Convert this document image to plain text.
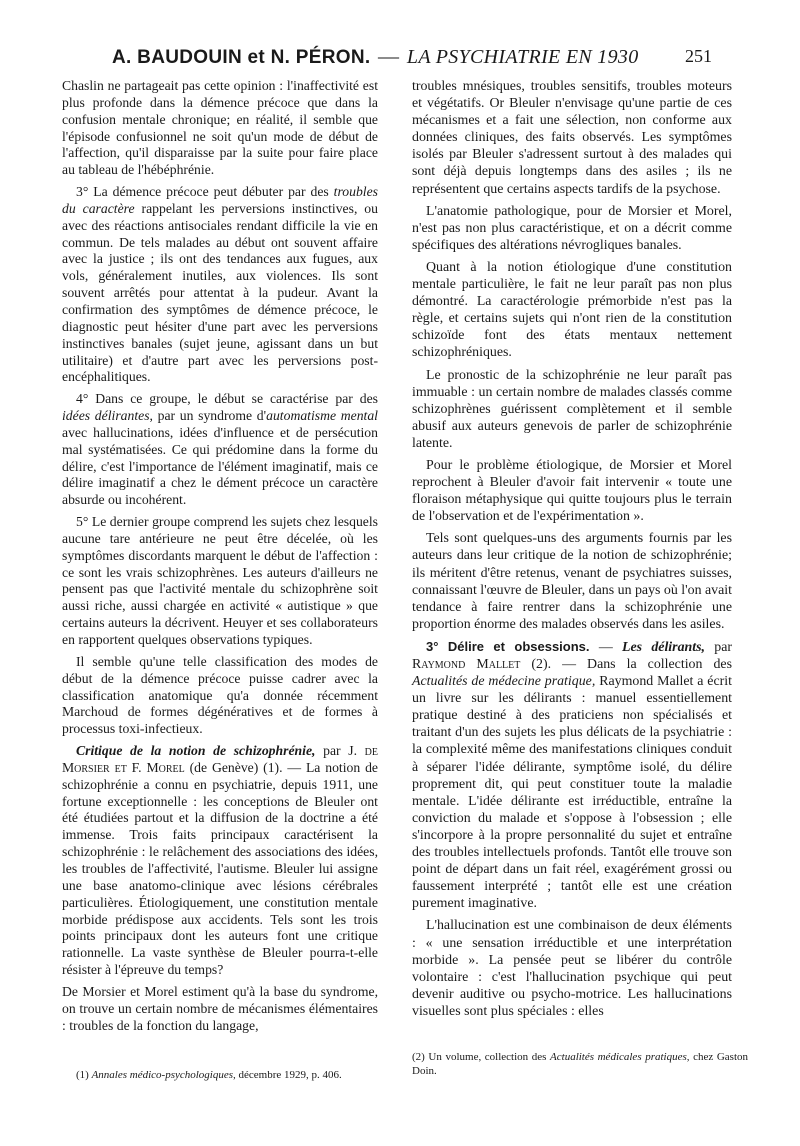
A. BAUDOUIN et N. PÉRON. — LA PSYCHIATRIE EN 1930	251

Chaslin ne partageait pas cette opinion : l'inaffectivité est plus profonde dans la démence précoce que dans la confusion mentale chronique; en réalité, il semble que l'épisode confusionnel ne soit qu'un mode de début de l'affection, qu'il disparaisse par la suite pour faire place au tableau de l'hébéphrénie.

3° La démence précoce peut débuter par des troubles du caractère rappelant les perversions instinctives, ou avec des réactions antisociales rendant difficile la vie en commun. De tels malades au début ont souvent affaire avec la justice ; ils ont des tendances aux fugues, aux vols, généralement inutiles, aux violences. Ils sont souvent arrêtés pour attentat à la pudeur. Avant la confirmation des symptômes de démence précoce, le diagnostic peut hésiter d'une part avec les perversions instinctives banales (sujet jeune, agissant dans un but utilitaire) et d'autre part avec les perversions post-encéphalitiques.

4° Dans ce groupe, le début se caractérise par des idées délirantes, par un syndrome d'automatisme mental avec hallucinations, idées d'influence et de persécution mal systématisées. Ce qui prédomine dans la forme du délire, c'est l'importance de l'élément imaginatif, mais ce délire imaginatif a chez le dément précoce un caractère absurde ou incohérent.

5° Le dernier groupe comprend les sujets chez lesquels aucune tare antérieure ne peut être décelée, où les symptômes discordants marquent le début de l'affection : ce sont les vrais schizophrènes. Les auteurs d'ailleurs ne pensent pas que l'activité mentale du schizophrène soit aussi riche, aussi chargée en activité « autistique » que certains auteurs la décrivent. Heuyer et ses collaborateurs en rapportent quelques observations typiques.

Il semble qu'une telle classification des modes de début de la démence précoce puisse cadrer avec la classification anatomique qu'a donnée récemment Marchoud de formes dégénératives et de formes à processus toxi-infectieux.

Critique de la notion de schizophrénie, par J. de Morsier et F. Morel (de Genève) (1). — La notion de schizophrénie a connu en psychiatrie, depuis 1911, une fortune exceptionnelle : les conceptions de Bleuler ont été étudiées partout et la diffusion de la doctrine a été immense. Trois faits principaux caractérisent la schizophrénie : le relâchement des associations des idées, les troubles de l'affectivité, l'autisme. Bleuler lui assigne une base anatomo-clinique avec lésions cérébrales particulières. Étiologiquement, une constitution mentale morbide prédispose aux accidents. Tels sont les trois points principaux dont les auteurs font une critique rationnelle. La vaste synthèse de Bleuler pourra-t-elle résister à l'épreuve du temps?

De Morsier et Morel estiment qu'à la base du syndrome, on trouve un certain nombre de mécanismes élémentaires : troubles de la fonction du langage,

troubles mnésiques, troubles sensitifs, troubles moteurs et végétatifs. Or Bleuler n'envisage qu'une partie de ces mécanismes et a fait une sélection, non conforme aux données cliniques, des faits observés. Les symptômes isolés par Bleuler s'adressent surtout à des malades qui sont déjà depuis longtemps dans des asiles ; ils ne représentent que certains aspects tardifs de la psychose.

L'anatomie pathologique, pour de Morsier et Morel, n'est pas non plus caractéristique, et on a décrit comme spécifiques des altérations névrogliques banales.

Quant à la notion étiologique d'une constitution mentale particulière, le fait ne leur paraît pas non plus démontré. La caractérologie prémorbide n'est pas la règle, et certains sujets qui n'ont rien de la constitution schizoïde font des états mentaux nettement schizophréniques.

Le pronostic de la schizophrénie ne leur paraît pas immuable : un certain nombre de malades classés comme schizophrènes guérissent complètement et il semble abusif aux auteurs genevois de parler de schizophrénie latente.

Pour le problème étiologique, de Morsier et Morel reprochent à Bleuler d'avoir fait intervenir « toute une floraison métaphysique qui quitte toujours plus le terrain de l'observation et de l'expérimentation ».

Tels sont quelques-uns des arguments fournis par les auteurs dans leur critique de la notion de schizophrénie; ils méritent d'être retenus, venant de psychiatres suisses, connaissant l'œuvre de Bleuler, dans un pays où l'on avait tendance à faire rentrer dans la schizophrénie une proportion énorme des malades observés dans les asiles.

3° Délire et obsessions. — Les délirants, par Raymond Mallet (2). — Dans la collection des Actualités de médecine pratique, Raymond Mallet a écrit un livre sur les délirants : manuel essentiellement pratique destiné à des praticiens non spécialisés et traitant d'un des sujets les plus délicats de la psychiatrie : la complexité même des manifestations cliniques conduit à séparer l'idée délirante, symptôme isolé, du délire proprement dit, qui peut constituer toute la maladie mentale. L'idée délirante est irréductible, entraîne la conviction du malade et s'oppose à l'obsession ; elle s'incorpore à la propre personnalité du sujet et entraîne des troubles intellectuels profonds. Tantôt elle trouve son point de départ dans un fait réel, exagérément grossi ou faussement interprété ; tantôt elle est une création purement imaginative.

L'hallucination est une combinaison de deux éléments : « une sensation irréductible et une interprétation morbide ». La pensée peut se libérer du contrôle volontaire : c'est l'hallucination psychique qui peut devenir auditive ou psycho-motrice. Les hallucinations visuelles sont plus spéciales : elles

(1) Annales médico-psychologiques, décembre 1929, p. 406.
(2) Un volume, collection des Actualités médicales pratiques, chez Gaston Doin.
